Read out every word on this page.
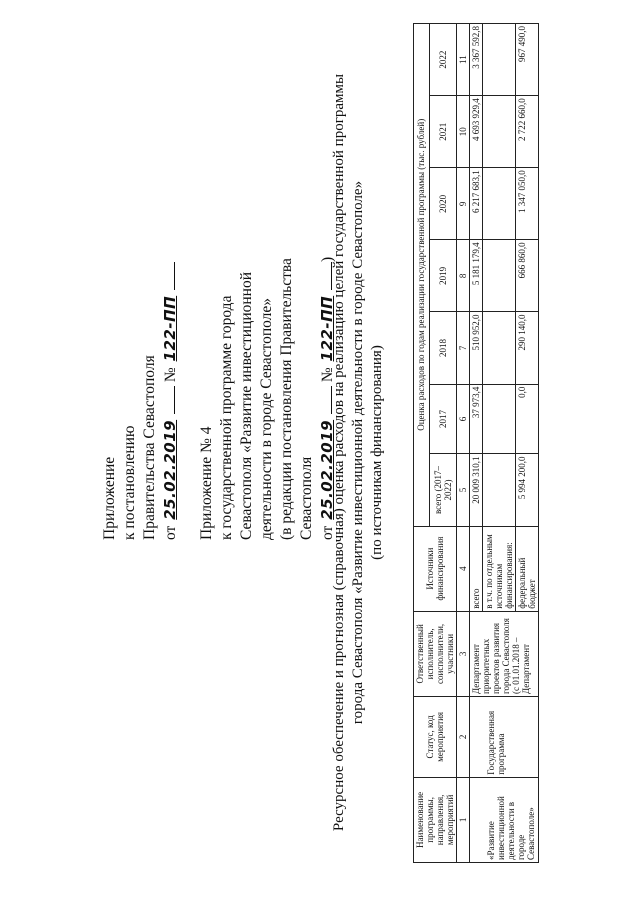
Приложение к постановлению Правительства Севастополя от 25.02.2019  № 122-ПП
Приложение № 4 к государственной программе города Севастополя «Развитие инвестиционной деятельности в городе Севастополе» (в редакции постановления Правительства Севастополя от 25.02.2019  № 122-ПП )
Ресурсное обеспечение и прогнозная (справочная) оценка расходов на реализацию целей государственной программы города Севастополя «Развитие инвестиционной деятельности в городе Севастополе» (по источникам финансирования)
Наименование программы, направления, мероприятий	Статус, код мероприятия	Ответственный исполнитель, соисполнители, участники	Источники финансирования	Оценка расходов по годам реализации государственной программы (тыс. рублей)						
				всего (2017–2022)	2017	2018	2019	2020	2021	2022
1	2	3	4	5	6	7	8	9	10	11
«Развитие инвестиционной деятельности в городе Севастополе»	Государственная программа	Департамент приоритетных проектов развития города Севастополя (с 01.01.2018 – Департамент	всего	20 009 310,1	37 973,4	510 952,0	5 181 179,4	6 217 683,1	4 693 929,4	3 367 592,8
			в т.ч. по отдельным источникам финансирования:							
			федеральный бюджет	5 994 200,0	0,0	290 140,0	666 860,0	1 347 050,0	2 722 660,0	967 490,0
